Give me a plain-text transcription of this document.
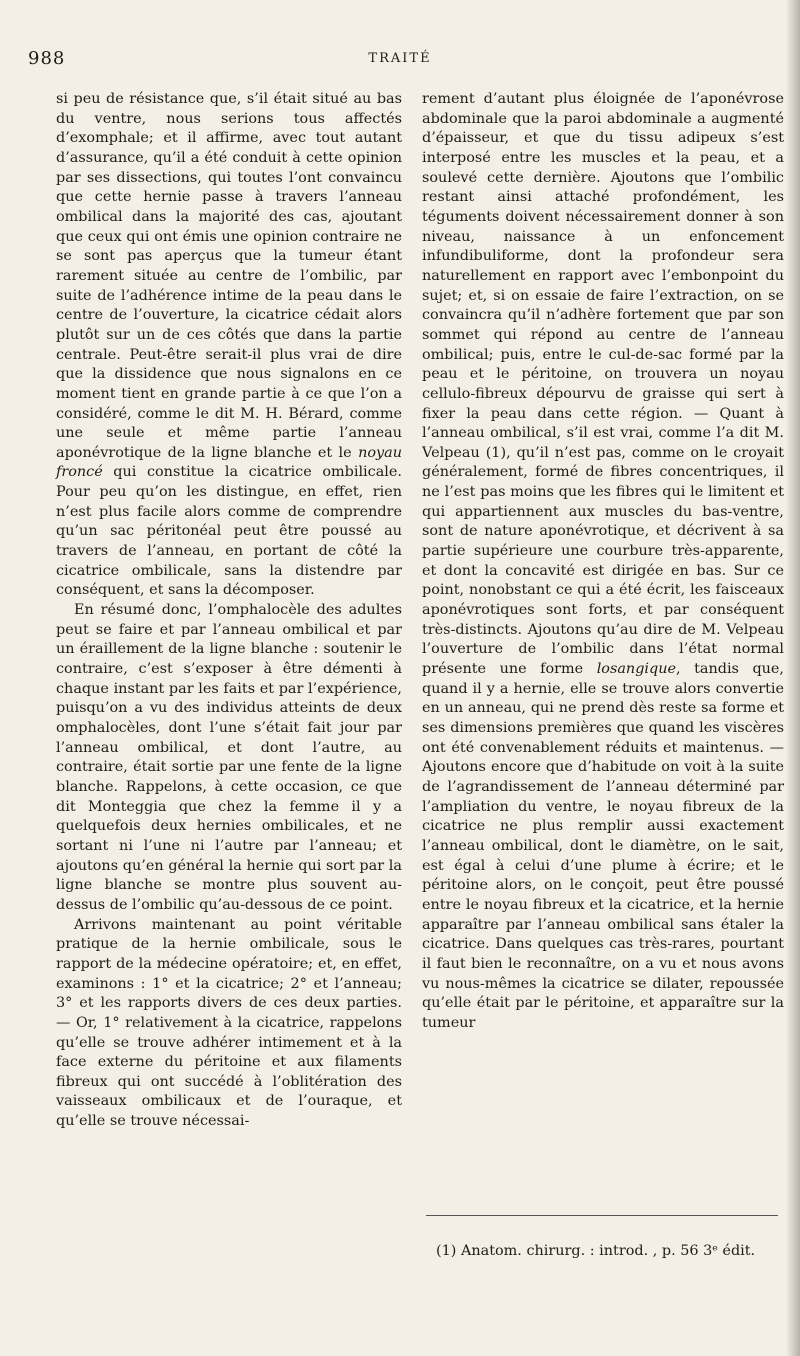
988	TRAITÉ

si peu de résistance que, s’il était situé au bas du ventre, nous serions tous affectés d’exomphale; et il affirme, avec tout autant d’assurance, qu’il a été conduit à cette opinion par ses dissections, qui toutes l’ont convaincu que cette hernie passe à travers l’anneau ombilical dans la majorité des cas, ajoutant que ceux qui ont émis une opinion contraire ne se sont pas aperçus que la tumeur étant rarement située au centre de l’ombilic, par suite de l’adhérence intime de la peau dans le centre de l’ouverture, la cicatrice cédait alors plutôt sur un de ces côtés que dans la partie centrale. Peut-être serait-il plus vrai de dire que la dissidence que nous signalons en ce moment tient en grande partie à ce que l’on a considéré, comme le dit M. H. Bérard, comme une seule et même partie l’anneau aponévrotique de la ligne blanche et le noyau froncé qui constitue la cicatrice ombilicale. Pour peu qu’on les distingue, en effet, rien n’est plus facile alors comme de comprendre qu’un sac péritonéal peut être poussé au travers de l’anneau, en portant de côté la cicatrice ombilicale, sans la distendre par conséquent, et sans la décomposer.

En résumé donc, l’omphalocèle des adultes peut se faire et par l’anneau ombilical et par un éraillement de la ligne blanche : soutenir le contraire, c’est s’exposer à être démenti à chaque instant par les faits et par l’expérience, puisqu’on a vu des individus atteints de deux omphalocèles, dont l’une s’était fait jour par l’anneau ombilical, et dont l’autre, au contraire, était sortie par une fente de la ligne blanche. Rappelons, à cette occasion, ce que dit Monteggia que chez la femme il y a quelquefois deux hernies ombilicales, et ne sortant ni l’une ni l’autre par l’anneau; et ajoutons qu’en général la hernie qui sort par la ligne blanche se montre plus souvent au-dessus de l’ombilic qu’au-dessous de ce point.

Arrivons maintenant au point véritable pratique de la hernie ombilicale, sous le rapport de la médecine opératoire; et, en effet, examinons : 1° et la cicatrice; 2° et l’anneau; 3° et les rapports divers de ces deux parties. — Or, 1° relativement à la cicatrice, rappelons qu’elle se trouve adhérer intimement et à la face externe du péritoine et aux filaments fibreux qui ont succédé à l’oblitération des vaisseaux ombilicaux et de l’ouraque, et qu’elle se trouve nécessai-

rement d’autant plus éloignée de l’aponévrose abdominale que la paroi abdominale a augmenté d’épaisseur, et que du tissu adipeux s’est interposé entre les muscles et la peau, et a soulevé cette dernière. Ajoutons que l’ombilic restant ainsi attaché profondément, les téguments doivent nécessairement donner à son niveau, naissance à un enfoncement infundibuliforme, dont la profondeur sera naturellement en rapport avec l’embonpoint du sujet; et, si on essaie de faire l’extraction, on se convaincra qu’il n’adhère fortement que par son sommet qui répond au centre de l’anneau ombilical; puis, entre le cul-de-sac formé par la peau et le péritoine, on trouvera un noyau cellulo-fibreux dépourvu de graisse qui sert à fixer la peau dans cette région. — Quant à l’anneau ombilical, s’il est vrai, comme l’a dit M. Velpeau (1), qu’il n’est pas, comme on le croyait généralement, formé de fibres concentriques, il ne l’est pas moins que les fibres qui le limitent et qui appartiennent aux muscles du bas-ventre, sont de nature aponévrotique, et décrivent à sa partie supérieure une courbure très-apparente, et dont la concavité est dirigée en bas. Sur ce point, nonobstant ce qui a été écrit, les faisceaux aponévrotiques sont forts, et par conséquent très-distincts. Ajoutons qu’au dire de M. Velpeau l’ouverture de l’ombilic dans l’état normal présente une forme losangique, tandis que, quand il y a hernie, elle se trouve alors convertie en un anneau, qui ne prend dès reste sa forme et ses dimensions premières que quand les viscères ont été convenablement réduits et maintenus. — Ajoutons encore que d’habitude on voit à la suite de l’agrandissement de l’anneau déterminé par l’ampliation du ventre, le noyau fibreux de la cicatrice ne plus remplir aussi exactement l’anneau ombilical, dont le diamètre, on le sait, est égal à celui d’une plume à écrire; et le péritoine alors, on le conçoit, peut être poussé entre le noyau fibreux et la cicatrice, et la hernie apparaître par l’anneau ombilical sans étaler la cicatrice. Dans quelques cas très-rares, pourtant il faut bien le reconnaître, on a vu et nous avons vu nous-mêmes la cicatrice se dilater, repoussée qu’elle était par le péritoine, et apparaître sur la tumeur

(1) Anatom. chirurg. : introd. , p. 56 3ᵉ édit.
